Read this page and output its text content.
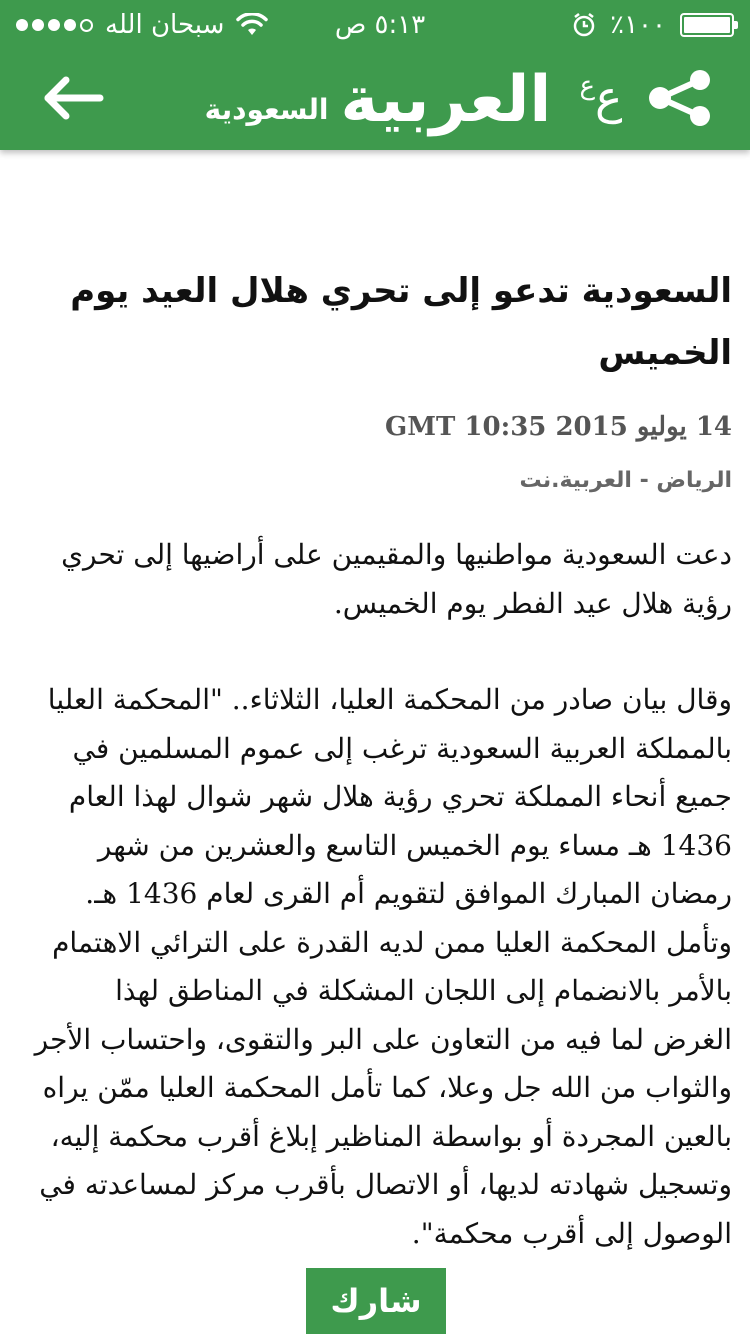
سبحان الله	٥:١٣ ص	٪١٠٠
ع
ع
العربية
السعودية
السعودية تدعو إلى تحري هلال العيد يوم الخميس
14 يوليو 2015 GMT 10:35
الرياض - العربية.نت

دعت السعودية مواطنيها والمقيمين على أراضيها إلى تحري رؤية هلال عيد الفطر يوم الخميس.

وقال بيان صادر من المحكمة العليا، الثلاثاء.. "المحكمة العليا بالمملكة العربية السعودية ترغب إلى عموم المسلمين في جميع أنحاء المملكة تحري رؤية هلال شهر شوال لهذا العام 1436 هـ مساء يوم الخميس التاسع والعشرين من شهر رمضان المبارك الموافق لتقويم أم القرى لعام 1436 هـ. وتأمل المحكمة العليا ممن لديه القدرة على الترائي الاهتمام بالأمر بالانضمام إلى اللجان المشكلة في المناطق لهذا الغرض لما فيه من التعاون على البر والتقوى، واحتساب الأجر والثواب من الله جل وعلا، كما تأمل المحكمة العليا ممّن يراه بالعين المجردة أو بواسطة المناظير إبلاغ أقرب محكمة إليه، وتسجيل شهادته لديها، أو الاتصال بأقرب مركز لمساعدته في الوصول إلى أقرب محكمة".

شارك
